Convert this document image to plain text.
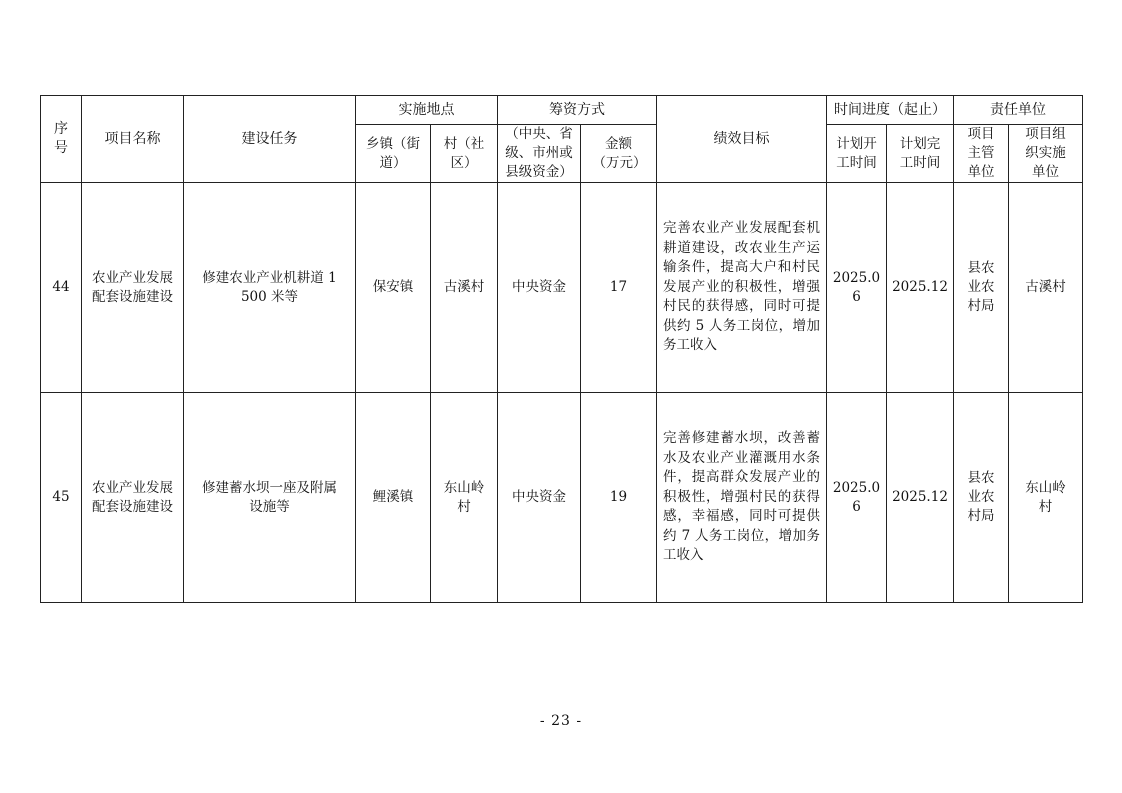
序号	项目名称	建设任务	实施地点		筹资方式		绩效目标	时间进度（起止）		责任单位	
			乡镇（街道）	村（社区）	（中央、省级、市州或县级资金）	金额（万元）		计划开工时间	计划完工时间	项目主管单位	项目组织实施单位
44	农业产业发展配套设施建设	修建农业产业机耕道 1500 米等	保安镇	古溪村	中央资金	17	完善农业产业发展配套机耕道建设，改农业生产运输条件，提高大户和村民发展产业的积极性，增强村民的获得感，同时可提供约 5 人务工岗位，增加务工收入	2025.06	2025.12	县农业农村局	古溪村
45	农业产业发展配套设施建设	修建蓄水坝一座及附属设施等	鲤溪镇	东山岭村	中央资金	19	完善修建蓄水坝，改善蓄水及农业产业灌溉用水条件，提高群众发展产业的积极性，增强村民的获得感，幸福感，同时可提供约 7 人务工岗位，增加务工收入	2025.06	2025.12	县农业农村局	东山岭村
- 23 -
